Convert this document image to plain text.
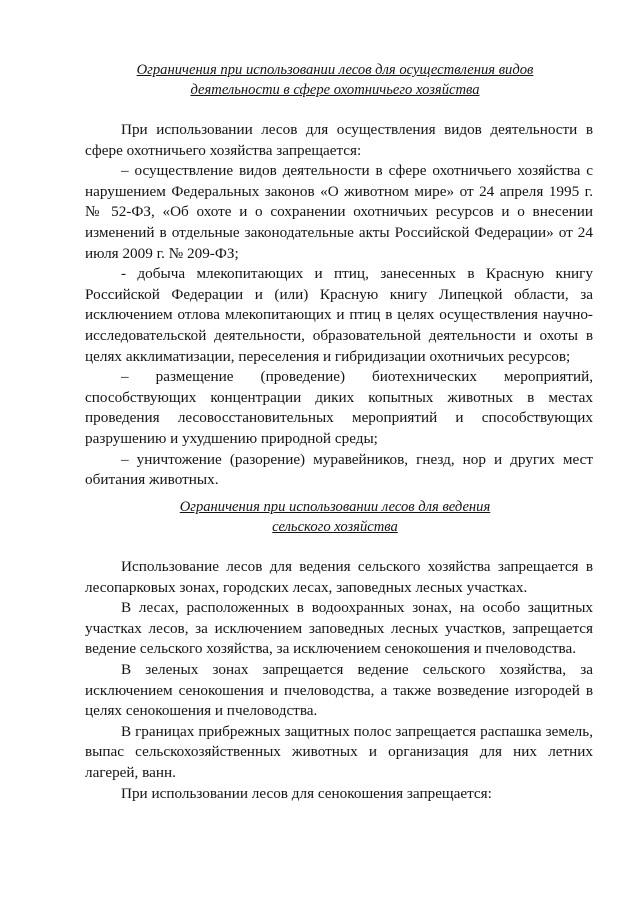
Ограничения при использовании лесов для осуществления видов
деятельности в сфере охотничьего хозяйства

При использовании лесов для осуществления видов деятельности в сфере охотничьего хозяйства запрещается:

– осуществление видов деятельности в сфере охотничьего хозяйства с нарушением Федеральных законов «О животном мире» от 24 апреля 1995 г. № 52-ФЗ, «Об охоте и о сохранении охотничьих ресурсов и о внесении изменений в отдельные законодательные акты Российской Федерации» от 24 июля 2009 г. № 209-ФЗ;

- добыча млекопитающих и птиц, занесенных в Красную книгу Российской Федерации и (или) Красную книгу Липецкой области, за исключением отлова млекопитающих и птиц в целях осуществления научно-исследовательской деятельности, образовательной деятельности и охоты в целях акклиматизации, переселения и гибридизации охотничьих ресурсов;

– размещение (проведение) биотехнических мероприятий, способствующих концентрации диких копытных животных в местах проведения лесовосстановительных мероприятий и способствующих разрушению и ухудшению природной среды;

– уничтожение (разорение) муравейников, гнезд, нор и других мест обитания животных.

Ограничения при использовании лесов для ведения
сельского хозяйства

Использование лесов для ведения сельского хозяйства запрещается в лесопарковых зонах, городских лесах, заповедных лесных участках.

В лесах, расположенных в водоохранных зонах, на особо защитных участках лесов, за исключением заповедных лесных участков, запрещается ведение сельского хозяйства, за исключением сенокошения и пчеловодства.

В зеленых зонах запрещается ведение сельского хозяйства, за исключением сенокошения и пчеловодства, а также возведение изгородей в целях сенокошения и пчеловодства.

В границах прибрежных защитных полос запрещается распашка земель, выпас сельскохозяйственных животных и организация для них летних лагерей, ванн.

При использовании лесов для сенокошения запрещается:
